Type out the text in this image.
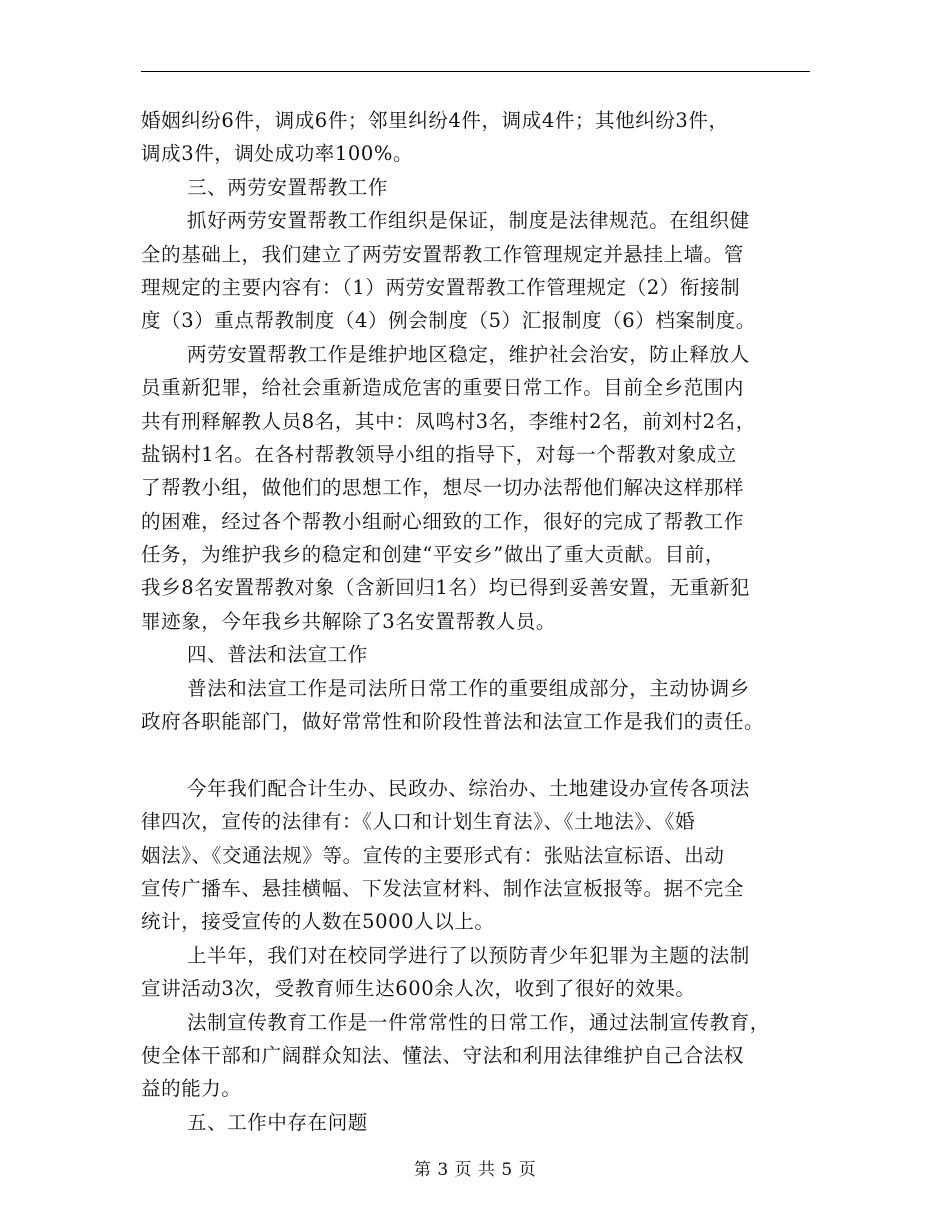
婚姻纠纷6件，调成6件；邻里纠纷4件，调成4件；其他纠纷3件，
调成3件，调处成功率100%。
三、两劳安置帮教工作
抓好两劳安置帮教工作组织是保证，制度是法律规范。在组织健
全的基础上，我们建立了两劳安置帮教工作管理规定并悬挂上墙。管
理规定的主要内容有：（1）两劳安置帮教工作管理规定（2）衔接制
度（3）重点帮教制度（4）例会制度（5）汇报制度（6）档案制度。
两劳安置帮教工作是维护地区稳定，维护社会治安，防止释放人
员重新犯罪，给社会重新造成危害的重要日常工作。目前全乡范围内
共有刑释解教人员8名，其中：凤鸣村3名，李维村2名，前刘村2名，
盐锅村1名。在各村帮教领导小组的指导下，对每一个帮教对象成立
了帮教小组，做他们的思想工作，想尽一切办法帮他们解决这样那样
的困难，经过各个帮教小组耐心细致的工作，很好的完成了帮教工作
任务，为维护我乡的稳定和创建“平安乡”做出了重大贡献。目前，
我乡8名安置帮教对象（含新回归1名）均已得到妥善安置，无重新犯
罪迹象，今年我乡共解除了3名安置帮教人员。
四、普法和法宣工作
普法和法宣工作是司法所日常工作的重要组成部分，主动协调乡
政府各职能部门，做好常常性和阶段性普法和法宣工作是我们的责任。
今年我们配合计生办、民政办、综治办、土地建设办宣传各项法
律四次，宣传的法律有：《人口和计划生育法》、《土地法》、《婚
姻法》、《交通法规》等。宣传的主要形式有：张贴法宣标语、出动
宣传广播车、悬挂横幅、下发法宣材料、制作法宣板报等。据不完全
统计，接受宣传的人数在5000人以上。
上半年，我们对在校同学进行了以预防青少年犯罪为主题的法制
宣讲活动3次，受教育师生达600余人次，收到了很好的效果。
法制宣传教育工作是一件常常性的日常工作，通过法制宣传教育，
使全体干部和广阔群众知法、懂法、守法和利用法律维护自己合法权
益的能力。
五、工作中存在问题
第 3 页 共 5 页
